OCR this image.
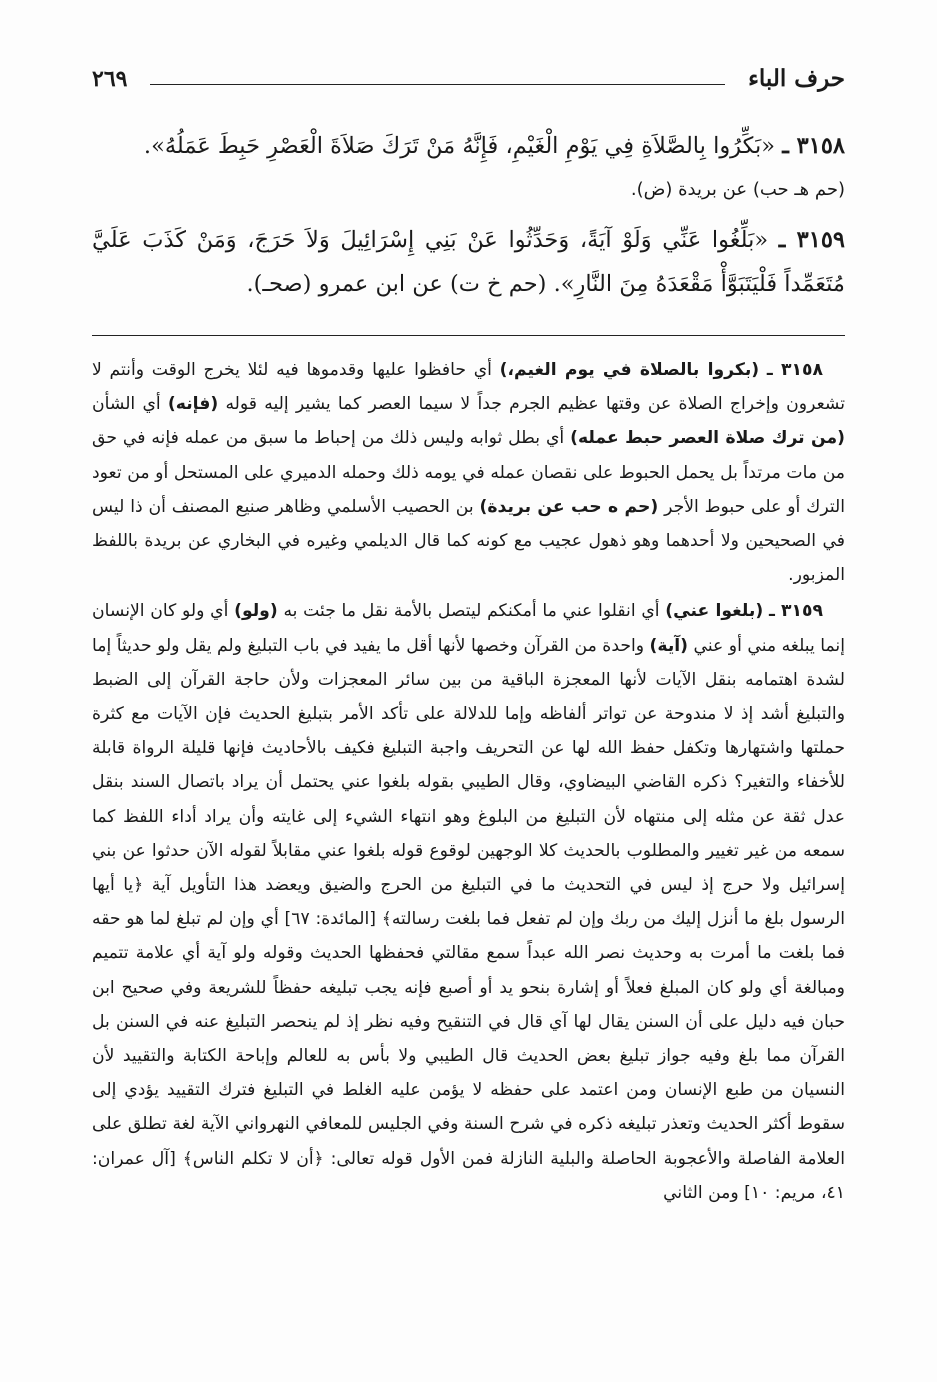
حرف الباء
٢٦٩

٣١٥٨ ـ «بَكِّرُوا بِالصَّلاَةِ فِي يَوْمِ الْغَيْمِ، فَإِنَّهُ مَنْ تَرَكَ صَلاَةَ الْعَصْرِ حَبِطَ عَمَلُهُ».

(حم هـ حب) عن بريدة (ض).

٣١٥٩ ـ «بَلِّغُوا عَنِّي وَلَوْ آيَةً، وَحَدِّثُوا عَنْ بَنِي إِسْرَائِيلَ وَلاَ حَرَجَ، وَمَنْ كَذَبَ عَلَيَّ مُتَعَمِّداً فَلْيَتَبَوَّأْ مَقْعَدَهُ مِنَ النَّارِ». (حم خ ت) عن ابن عمرو (صحـ).

٣١٥٨ ـ (بكروا بالصلاة في يوم الغيم،) أي حافظوا عليها وقدموها فيه لئلا يخرج الوقت وأنتم لا تشعرون وإخراج الصلاة عن وقتها عظيم الجرم جداً لا سيما العصر كما يشير إليه قوله (فإنه) أي الشأن (من ترك صلاة العصر حبط عمله) أي بطل ثوابه وليس ذلك من إحباط ما سبق من عمله فإنه في حق من مات مرتداً بل يحمل الحبوط على نقصان عمله في يومه ذلك وحمله الدميري على المستحل أو من تعود الترك أو على حبوط الأجر (حم ه حب عن بريدة) بن الحصيب الأسلمي وظاهر صنيع المصنف أن ذا ليس في الصحيحين ولا أحدهما وهو ذهول عجيب مع كونه كما قال الديلمي وغيره في البخاري عن بريدة باللفظ المزبور.

٣١٥٩ ـ (بلغوا عني) أي انقلوا عني ما أمكنكم ليتصل بالأمة نقل ما جئت به (ولو) أي ولو كان الإنسان إنما يبلغه مني أو عني (آية) واحدة من القرآن وخصها لأنها أقل ما يفيد في باب التبليغ ولم يقل ولو حديثاً إما لشدة اهتمامه بنقل الآيات لأنها المعجزة الباقية من بين سائر المعجزات ولأن حاجة القرآن إلى الضبط والتبليغ أشد إذ لا مندوحة عن تواتر ألفاظه وإما للدلالة على تأكد الأمر بتبليغ الحديث فإن الآيات مع كثرة حملتها واشتهارها وتكفل حفظ الله لها عن التحريف واجبة التبليغ فكيف بالأحاديث فإنها قليلة الرواة قابلة للأخفاء والتغير؟ ذكره القاضي البيضاوي، وقال الطيبي بقوله بلغوا عني يحتمل أن يراد باتصال السند بنقل عدل ثقة عن مثله إلى منتهاه لأن التبليغ من البلوغ وهو انتهاء الشيء إلى غايته وأن يراد أداء اللفظ كما سمعه من غير تغيير والمطلوب بالحديث كلا الوجهين لوقوع قوله بلغوا عني مقابلاً لقوله الآن حدثوا عن بني إسرائيل ولا حرج إذ ليس في التحديث ما في التبليغ من الحرج والضيق ويعضد هذا التأويل آية ﴿يا أيها الرسول بلغ ما أنزل إليك من ربك وإن لم تفعل فما بلغت رسالته﴾ [المائدة: ٦٧] أي وإن لم تبلغ لما هو حقه فما بلغت ما أمرت به وحديث نصر الله عبداً سمع مقالتي فحفظها الحديث وقوله ولو آية أي علامة تتميم ومبالغة أي ولو كان المبلغ فعلاً أو إشارة بنحو يد أو أصبع فإنه يجب تبليغه حفظاً للشريعة وفي صحيح ابن حبان فيه دليل على أن السنن يقال لها آي قال في التنقيح وفيه نظر إذ لم ينحصر التبليغ عنه في السنن بل القرآن مما بلغ وفيه جواز تبليغ بعض الحديث قال الطيبي ولا بأس به للعالم وإباحة الكتابة والتقييد لأن النسيان من طبع الإنسان ومن اعتمد على حفظه لا يؤمن عليه الغلط في التبليغ فترك التقييد يؤدي إلى سقوط أكثر الحديث وتعذر تبليغه ذكره في شرح السنة وفي الجليس للمعافي النهرواني الآية لغة تطلق على العلامة الفاصلة والأعجوبة الحاصلة والبلية النازلة فمن الأول قوله تعالى: ﴿أن لا تكلم الناس﴾ [آل عمران: ٤١، مريم: ١٠] ومن الثاني
